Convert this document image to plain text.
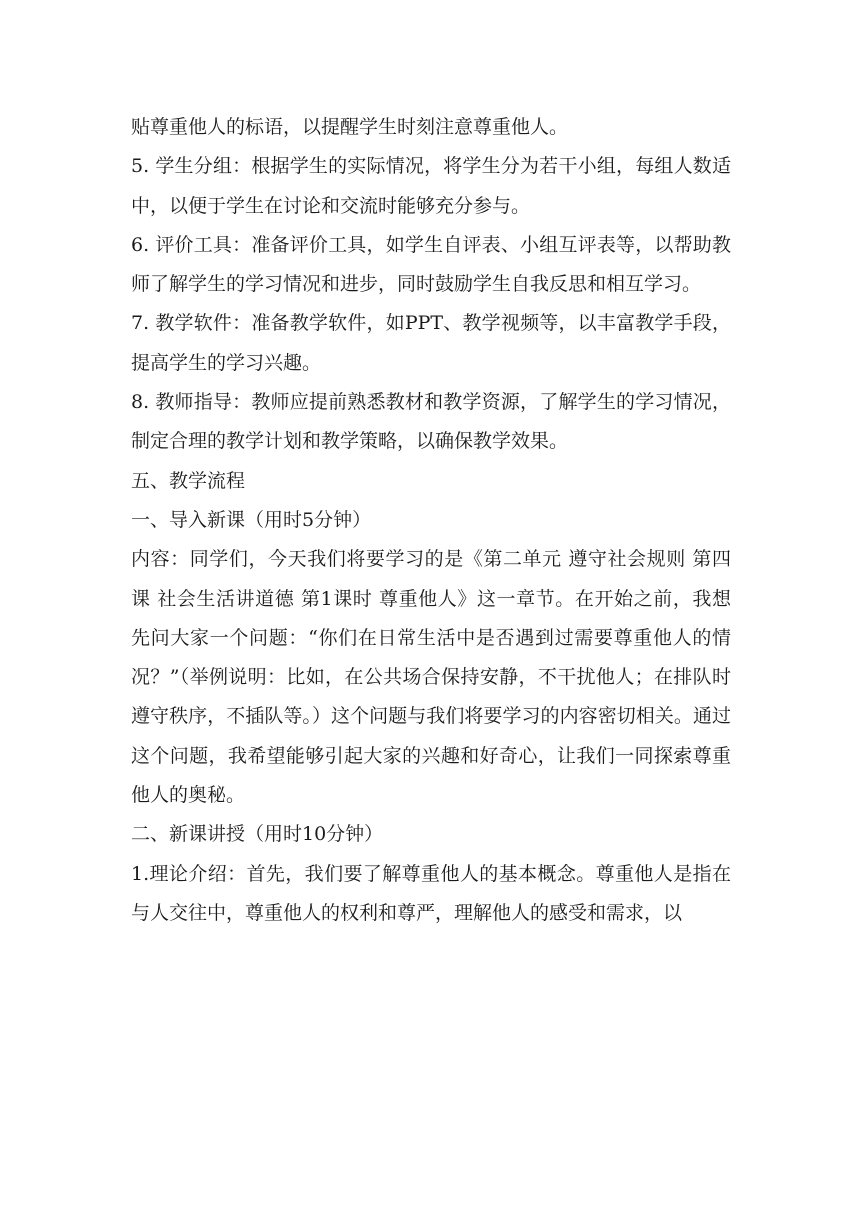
贴尊重他人的标语，以提醒学生时刻注意尊重他人。

5. 学生分组：根据学生的实际情况，将学生分为若干小组，每组人数适中，以便于学生在讨论和交流时能够充分参与。

6. 评价工具：准备评价工具，如学生自评表、小组互评表等，以帮助教师了解学生的学习情况和进步，同时鼓励学生自我反思和相互学习。

7. 教学软件：准备教学软件，如PPT、教学视频等，以丰富教学手段，提高学生的学习兴趣。

8. 教师指导：教师应提前熟悉教材和教学资源，了解学生的学习情况，制定合理的教学计划和教学策略，以确保教学效果。

五、教学流程

一、导入新课（用时5分钟）

内容：同学们，今天我们将要学习的是《第二单元 遵守社会规则 第四课 社会生活讲道德 第1课时 尊重他人》这一章节。在开始之前，我想先问大家一个问题：“你们在日常生活中是否遇到过需要尊重他人的情况？”（举例说明：比如，在公共场合保持安静，不干扰他人；在排队时遵守秩序，不插队等。）这个问题与我们将要学习的内容密切相关。通过这个问题，我希望能够引起大家的兴趣和好奇心，让我们一同探索尊重他人的奥秘。

二、新课讲授（用时10分钟）

1.理论介绍：首先，我们要了解尊重他人的基本概念。尊重他人是指在与人交往中，尊重他人的权利和尊严，理解他人的感受和需求，以
